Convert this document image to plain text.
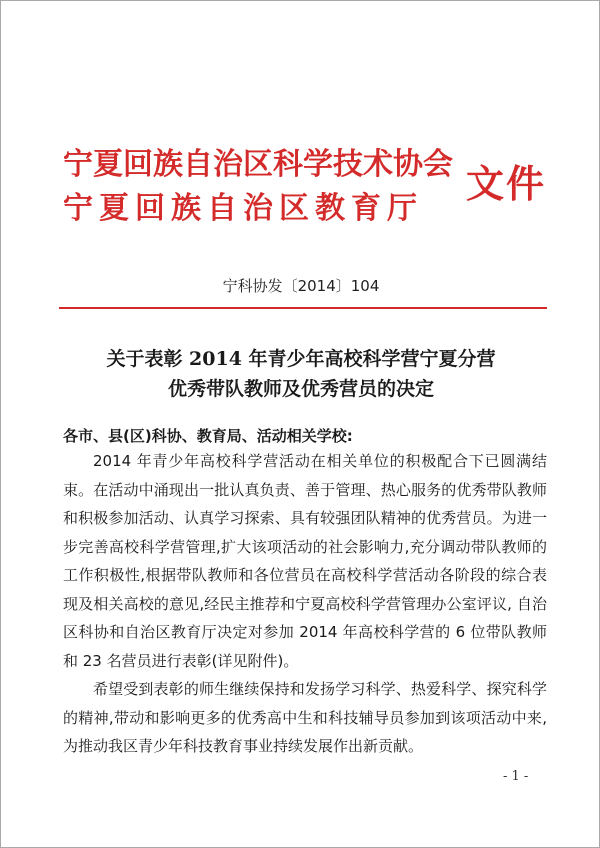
宁夏回族自治区科学技术协会
宁夏回族自治区教育厅
文件
宁科协发〔2014〕104
关于表彰 2014 年青少年高校科学营宁夏分营
优秀带队教师及优秀营员的决定
各市、县(区)科协、教育局、活动相关学校:
2014 年青少年高校科学营活动在相关单位的积极配合下已圆满结束。在活动中涌现出一批认真负责、善于管理、热心服务的优秀带队教师和积极参加活动、认真学习探索、具有较强团队精神的优秀营员。为进一步完善高校科学营管理,扩大该项活动的社会影响力,充分调动带队教师的工作积极性,根据带队教师和各位营员在高校科学营活动各阶段的综合表现及相关高校的意见,经民主推荐和宁夏高校科学营管理办公室评议, 自治区科协和自治区教育厅决定对参加 2014 年高校科学营的 6 位带队教师和 23 名营员进行表彰(详见附件)。
希望受到表彰的师生继续保持和发扬学习科学、热爱科学、探究科学的精神,带动和影响更多的优秀高中生和科技辅导员参加到该项活动中来,为推动我区青少年科技教育事业持续发展作出新贡献。
- 1 -
